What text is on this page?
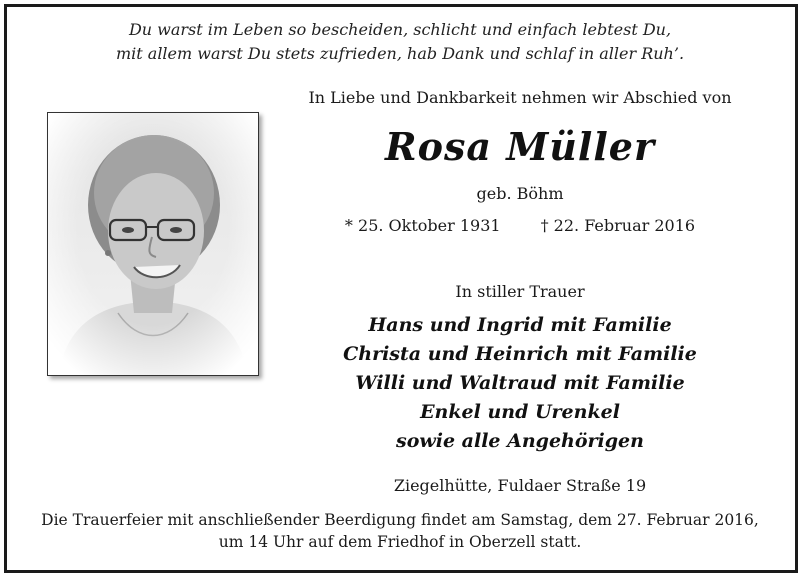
Du warst im Leben so bescheiden, schlicht und einfach lebtest Du,
mit allem warst Du stets zufrieden, hab Dank und schlaf in aller Ruh’.
In Liebe und Dankbarkeit nehmen wir Abschied von
Rosa Müller
geb. Böhm
* 25. Oktober 1931	† 22. Februar 2016
In stiller Trauer
Hans und Ingrid mit Familie
Christa und Heinrich mit Familie
Willi und Waltraud mit Familie
Enkel und Urenkel
sowie alle Angehörigen
Ziegelhütte, Fuldaer Straße 19
Die Trauerfeier mit anschließender Beerdigung findet am Samstag, dem 27. Februar 2016,
um 14 Uhr auf dem Friedhof in Oberzell statt.
